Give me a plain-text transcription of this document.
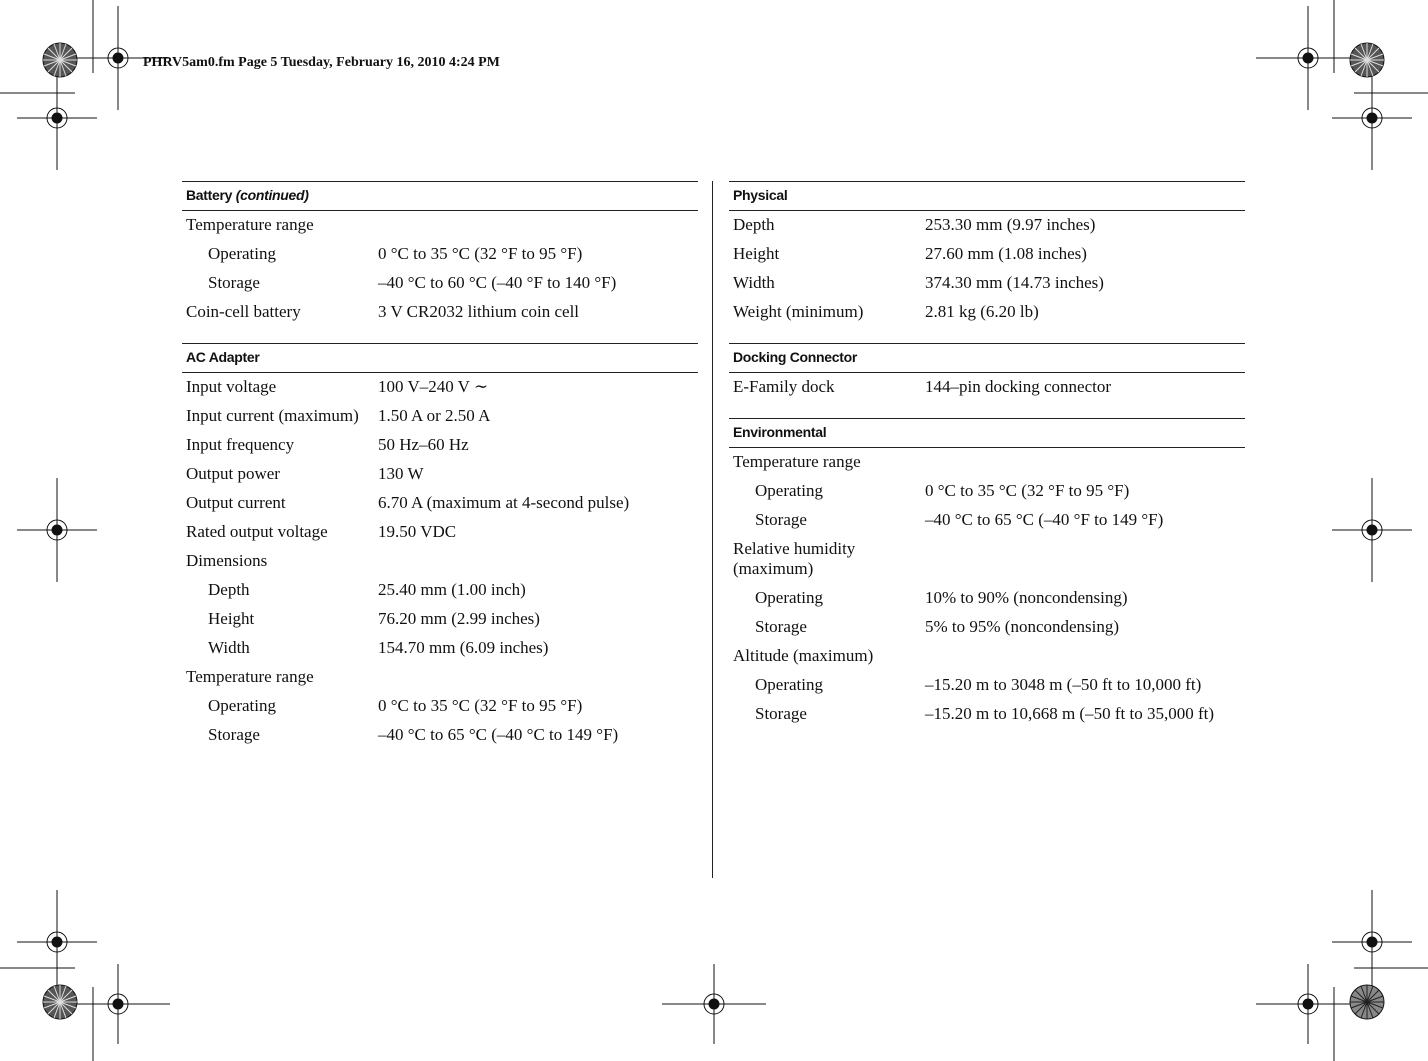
PHRV5am0.fm Page 5 Tuesday, February 16, 2010 4:24 PM
Battery (continued)
Temperature range
Operating	0 °C to 35 °C (32 °F to 95 °F)
Storage	–40 °C to 60 °C (–40 °F to 140 °F)
Coin-cell battery	3 V CR2032 lithium coin cell
AC Adapter
Input voltage	100 V–240 V ∼
Input current (maximum)	1.50 A or 2.50 A
Input frequency	50 Hz–60 Hz
Output power	130 W
Output current	6.70 A (maximum at 4-second pulse)
Rated output voltage	19.50 VDC
Dimensions
Depth	25.40 mm (1.00 inch)
Height	76.20 mm (2.99 inches)
Width	154.70 mm (6.09 inches)
Temperature range
Operating	0 °C to 35 °C (32 °F to 95 °F)
Storage	–40 °C to 65 °C (–40 °C to 149 °F)
Physical
Depth	253.30 mm (9.97 inches)
Height	27.60 mm (1.08 inches)
Width	374.30 mm (14.73 inches)
Weight (minimum)	2.81 kg (6.20 lb)
Docking Connector
E-Family dock	144–pin docking connector
Environmental
Temperature range
Operating	0 °C to 35 °C (32 °F to 95 °F)
Storage	–40 °C to 65 °C (–40 °F to 149 °F)
Relative humidity (maximum)
Operating	10% to 90% (noncondensing)
Storage	5% to 95% (noncondensing)
Altitude (maximum)
Operating	–15.20 m to 3048 m (–50 ft to 10,000 ft)
Storage	–15.20 m to 10,668 m (–50 ft to 35,000 ft)
